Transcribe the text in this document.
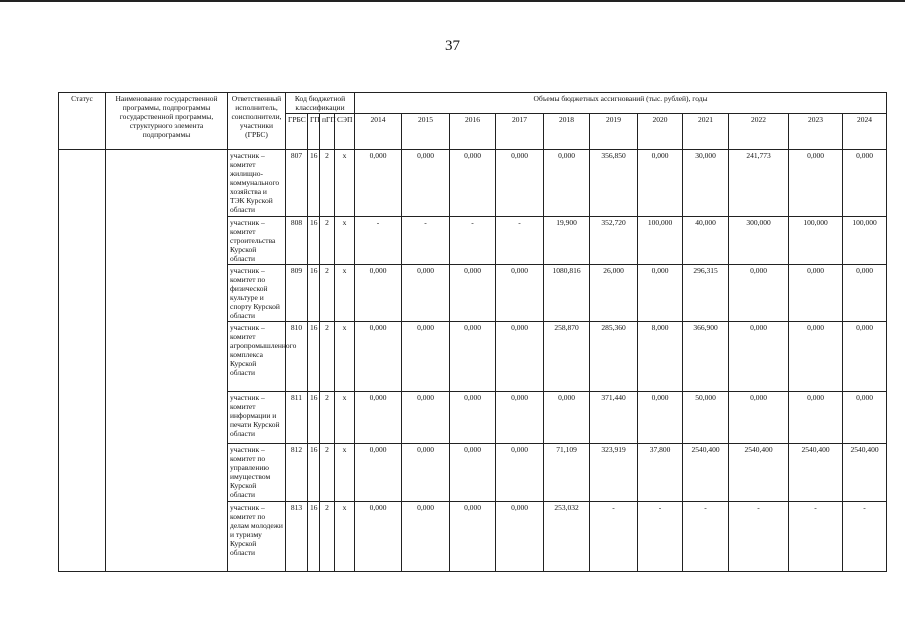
37
Статус	Наименование государственной программы, подпрограммы государственной программы, структурного элемента подпрограммы	Ответственный исполнитель, соисполнители, участники (ГРБС)	Код бюджетной классификации				Объемы бюджетных ассигнований (тыс. рублей), годы										
			ГРБС	ГП	пГП	СЭП	2014	2015	2016	2017	2018	2019	2020	2021	2022	2023	2024
		участник – комитет жилищно-коммунального хозяйства и ТЭК Курской области	807	16	2	х	0,000	0,000	0,000	0,000	0,000	356,850	0,000	30,000	241,773	0,000	0,000
		участник – комитет строительства Курской области	808	16	2	х	-	-	-	-	19,900	352,720	100,000	40,000	300,000	100,000	100,000
		участник – комитет по физической культуре и спорту Курской области	809	16	2	х	0,000	0,000	0,000	0,000	1080,816	26,000	0,000	296,315	0,000	0,000	0,000
		участник – комитет агропромышленного комплекса Курской области	810	16	2	х	0,000	0,000	0,000	0,000	258,870	285,360	8,000	366,900	0,000	0,000	0,000
		участник – комитет информации и печати Курской области	811	16	2	х	0,000	0,000	0,000	0,000	0,000	371,440	0,000	50,000	0,000	0,000	0,000
		участник – комитет по управлению имуществом Курской области	812	16	2	х	0,000	0,000	0,000	0,000	71,109	323,919	37,800	2540,400	2540,400	2540,400	2540,400
		участник – комитет по делам молодежи и туризму Курской области	813	16	2	х	0,000	0,000	0,000	0,000	253,032	-	-	-	-	-	-
